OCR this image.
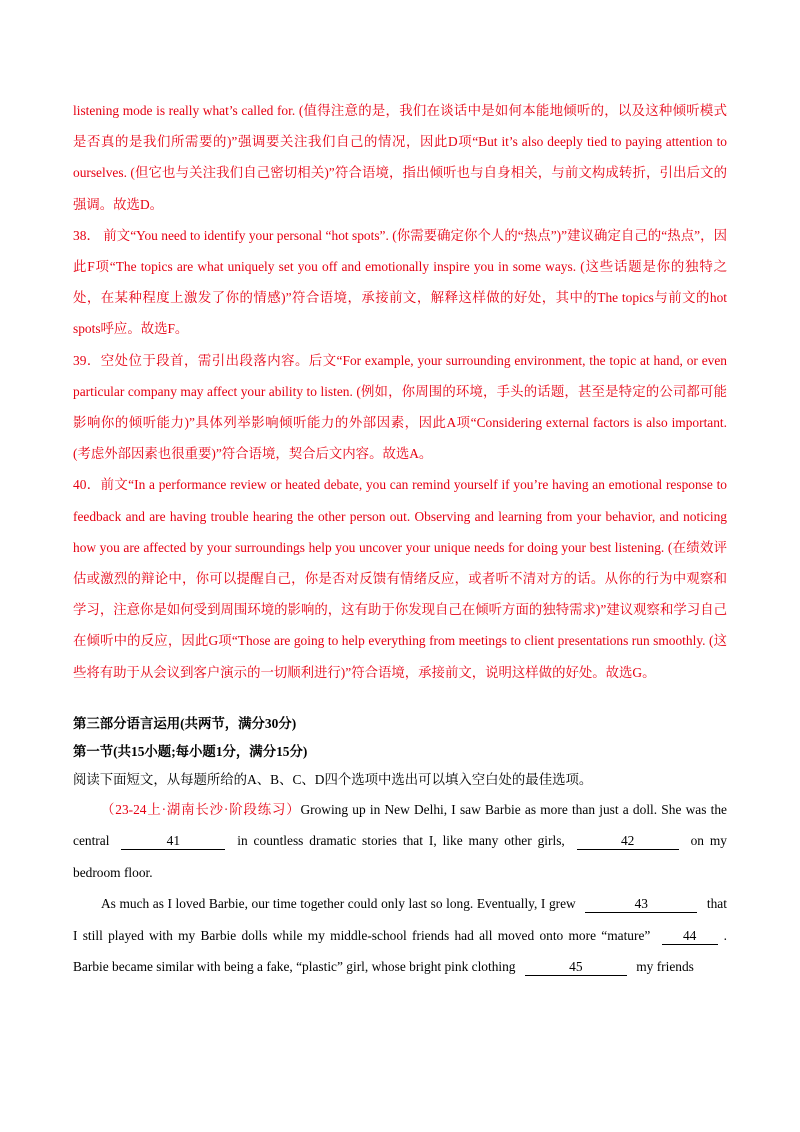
listening mode is really what’s called for. (值得注意的是，我们在谈话中是如何本能地倾听的，以及这种倾听模式是否真的是我们所需要的)”强调要关注我们自己的情况，因此D项“But it’s also deeply tied to paying attention to ourselves. (但它也与关注我们自己密切相关)”符合语境，指出倾听也与自身相关，与前文构成转折，引出后文的强调。故选D。

38． 前文“You need to identify your personal “hot spots”. (你需要确定你个人的“热点”)”建议确定自己的“热点”，因此F项“The topics are what uniquely set you off and emotionally inspire you in some ways. (这些话题是你的独特之处，在某种程度上激发了你的情感)”符合语境，承接前文，解释这样做的好处，其中的The topics与前文的hot spots呼应。故选F。

39．空处位于段首，需引出段落内容。后文“For example, your surrounding environment, the topic at hand, or even particular company may affect your ability to listen. (例如，你周围的环境，手头的话题，甚至是特定的公司都可能影响你的倾听能力)”具体列举影响倾听能力的外部因素，因此A项“Considering external factors is also important. (考虑外部因素也很重要)”符合语境，契合后文内容。故选A。

40．前文“In a performance review or heated debate, you can remind yourself if you’re having an emotional response to feedback and are having trouble hearing the other person out. Observing and learning from your behavior, and noticing how you are affected by your surroundings help you uncover your unique needs for doing your best listening. (在绩效评估或激烈的辩论中，你可以提醒自己，你是否对反馈有情绪反应，或者听不清对方的话。从你的行为中观察和学习，注意你是如何受到周围环境的影响的，这有助于你发现自己在倾听方面的独特需求)”建议观察和学习自己在倾听中的反应，因此G项“Those are going to help everything from meetings to client presentations run smoothly. (这些将有助于从会议到客户演示的一切顺利进行)”符合语境，承接前文，说明这样做的好处。故选G。

第三部分语言运用(共两节，满分30分)

第一节(共15小题;每小题1分，满分15分)

阅读下面短文，从每题所给的A、B、C、D四个选项中选出可以填入空白处的最佳选项。

（23-24上·湖南长沙·阶段练习）Growing up in New Delhi, I saw Barbie as more than just a doll. She was the central	41	in countless dramatic stories that I, like many other girls,	42	on my bedroom floor.

As much as I loved Barbie, our time together could only last so long. Eventually, I grew	43	that I still played with my Barbie dolls while my middle-school friends had all moved onto more “mature” 44 . Barbie became similar with being a fake, “plastic” girl, whose bright pink clothing	45	my friends
